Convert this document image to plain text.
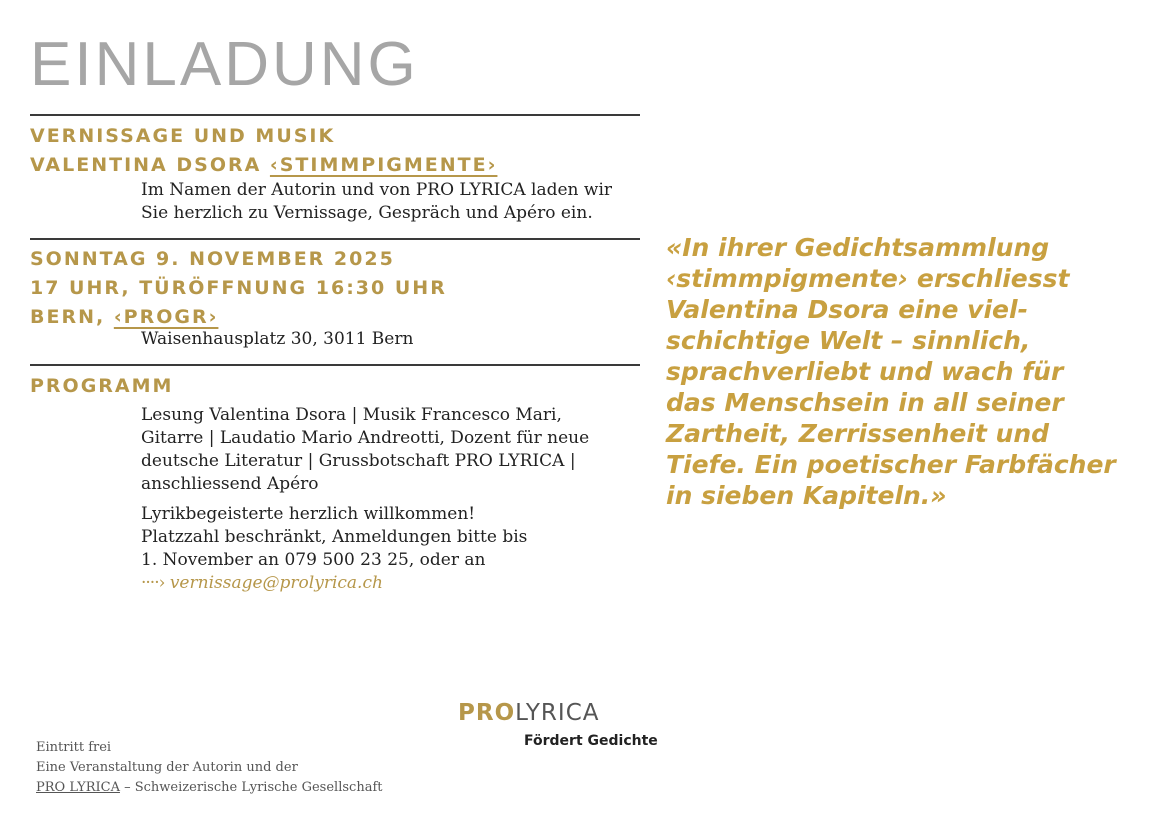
EINLADUNG
VERNISSAGE UND MUSIK
VALENTINA DSORA ‹STIMMPIGMENTE›
Im Namen der Autorin und von PRO LYRICA laden wir
Sie herzlich zu Vernissage, Gespräch und Apéro ein.
SONNTAG 9. NOVEMBER 2025
17 UHR, TÜRÖFFNUNG 16:30 UHR
BERN, ‹PROGR›
Waisenhausplatz 30, 3011 Bern
PROGRAMM
Lesung Valentina Dsora | Musik Francesco Mari,
Gitarre | Laudatio Mario Andreotti, Dozent für neue
deutsche Literatur | Grussbotschaft PRO LYRICA |
anschliessend Apéro
Lyrikbegeisterte herzlich willkommen!
Platzzahl beschränkt, Anmeldungen bitte bis
1. November an 079 500 23 25, oder an
····› vernissage@prolyrica.ch
«In ihrer Gedichtsammlung
‹stimmpigmente› erschliesst
Valentina Dsora eine viel-
schichtige Welt – sinnlich,
sprachverliebt und wach für
das Menschsein in all seiner
Zartheit, Zerrissenheit und
Tiefe. Ein poetischer Farbfächer
in sieben Kapiteln.»
PROLYRICA
Fördert Gedichte
Eintritt frei
Eine Veranstaltung der Autorin und der
PRO LYRICA – Schweizerische Lyrische Gesellschaft
